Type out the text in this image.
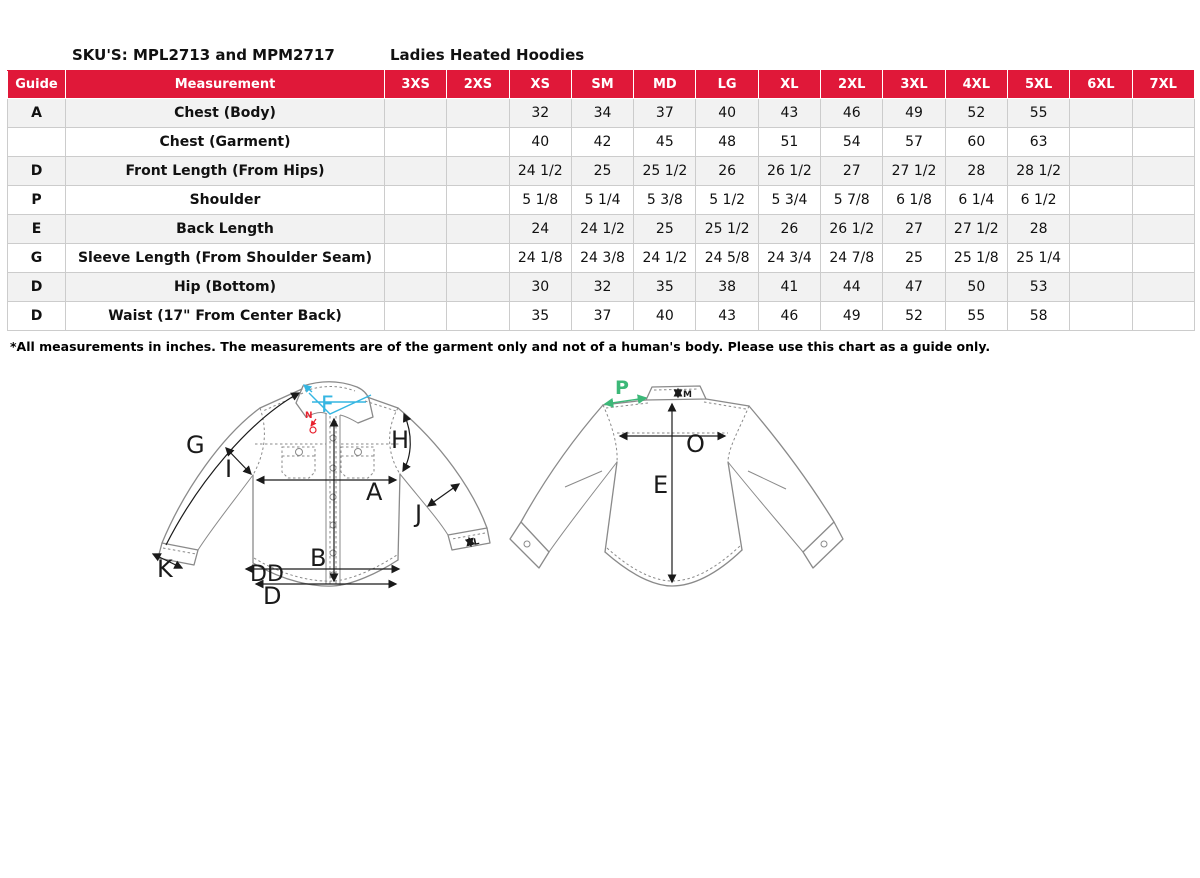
SKU'S: MPL2713 and MPM2717	Ladies Heated Hoodies
Guide	Measurement	3XS	2XS	XS	SM	MD	LG	XL	2XL	3XL	4XL	5XL	6XL	7XL
A	Chest (Body)			32	34	37	40	43	46	49	52	55		
	Chest (Garment)			40	42	45	48	51	54	57	60	63		
D	Front Length (From Hips)			24 1/2	25	25 1/2	26	26 1/2	27	27 1/2	28	28 1/2		
P	Shoulder			5 1/8	5 1/4	5 3/8	5 1/2	5 3/4	5 7/8	6 1/8	6 1/4	6 1/2		
E	Back Length			24	24 1/2	25	25 1/2	26	26 1/2	27	27 1/2	28		
G	Sleeve Length (From Shoulder Seam)			24 1/8	24 3/8	24 1/2	24 5/8	24 3/4	24 7/8	25	25 1/8	25 1/4		
D	Hip (Bottom)			30	32	35	38	41	44	47	50	53		
D	Waist (17" From Center Back)			35	37	40	43	46	49	52	55	58		
*All measurements in inches. The measurements are of the garment only and not of a human's body. Please use this chart as a guide only.
G
I
F
N
H
A
J
B
K	DD
D
L
P	M
O
E
